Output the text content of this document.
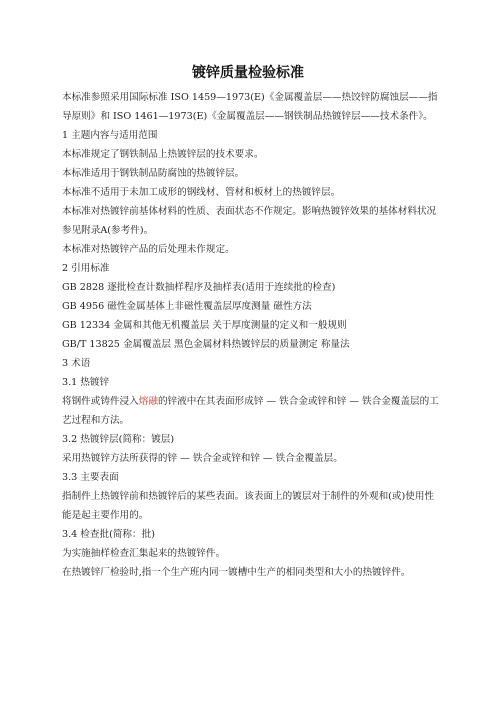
镀锌质量检验标准

本标准参照采用国际标准 ISO 1459—1973(E)《金属覆盖层——热饺锌防腐蚀层——指导原则》和 ISO 1461—1973(E)《金属覆盖层——钢铁制品热镀锌层——技术条件》。

1 主题内容与适用范围

本标准规定了钢铁制品上热镀锌层的技术要求。

本标准适用于钢铁制品防腐蚀的热镀锌层。

本标准不适用于未加工成形的钢线材、管材和板材上的热镀锌层。

本标准对热镀锌前基体材料的性质、表面状态不作规定。影响热镀锌效果的基体材料状况参见附录A(参考件)。

本标准对热镀锌产品的后处理未作规定。

2 引用标准

GB 2828 逐批检查计数抽样程序及抽样表(适用于连续批的检查)

GB 4956 磁性金属基体上非磁性覆盖层厚度测量 磁性方法

GB 12334 金属和其他无机覆盖层 关于厚度测量的定义和一般规则

GB/T 13825 金属覆盖层 黑色金属材料热镀锌层的质量测定 称量法

3 术语

3.1 热镀锌

将钢件或铸件浸入熔融的锌液中在其表面形成锌 — 铁合金或锌和锌 — 铁合金覆盖层的工艺过程和方法。

3.2 热镀锌层(简称：镀层)

采用热镀锌方法所获得的锌 — 铁合金或锌和锌 — 铁合金覆盖层。

3.3 主要表面

指制件上热镀锌前和热镀锌后的某些表面。该表面上的镀层对于制件的外观和(或)使用性能是起主要作用的。

3.4 检查批(简称：批)

为实施抽样检查汇集起来的热镀锌件。

在热镀锌厂检验时,指一个生产班内同一镀槽中生产的相同类型和大小的热镀锌件。
